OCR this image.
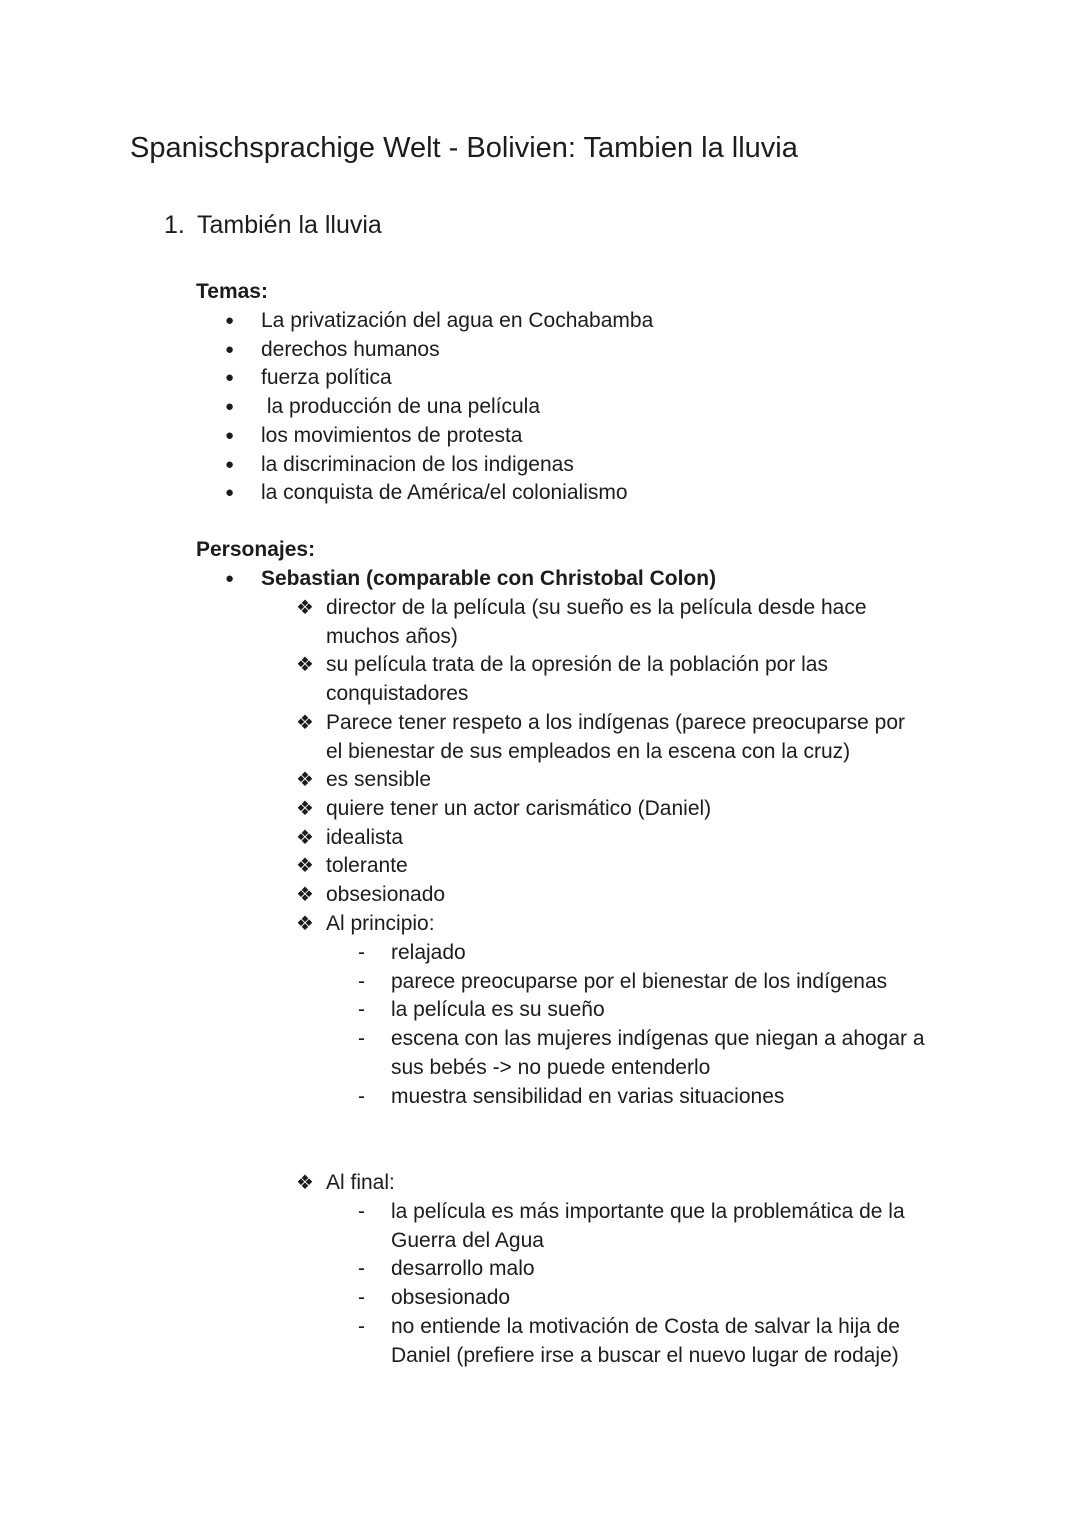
Spanischsprachige Welt - Bolivien: Tambien la lluvia
1. También la lluvia
Temas:
● La privatización del agua en Cochabamba
● derechos humanos
● fuerza política
● la producción de una película
● los movimientos de protesta
● la discriminacion de los indigenas
● la conquista de América/el colonialismo
Personajes:
● Sebastian (comparable con Christobal Colon)
❖ director de la película (su sueño es la película desde hace
muchos años)
❖ su película trata de la opresión de la población por las
conquistadores
❖ Parece tener respeto a los indígenas (parece preocuparse por
el bienestar de sus empleados en la escena con la cruz)
❖ es sensible
❖ quiere tener un actor carismático (Daniel)
❖ idealista
❖ tolerante
❖ obsesionado
❖ Al principio:
- relajado
- parece preocuparse por el bienestar de los indígenas
- la película es su sueño
- escena con las mujeres indígenas que niegan a ahogar a
sus bebés -> no puede entenderlo
- muestra sensibilidad en varias situaciones
❖ Al final:
- la película es más importante que la problemática de la
Guerra del Agua
- desarrollo malo
- obsesionado
- no entiende la motivación de Costa de salvar la hija de
Daniel (prefiere irse a buscar el nuevo lugar de rodaje)
